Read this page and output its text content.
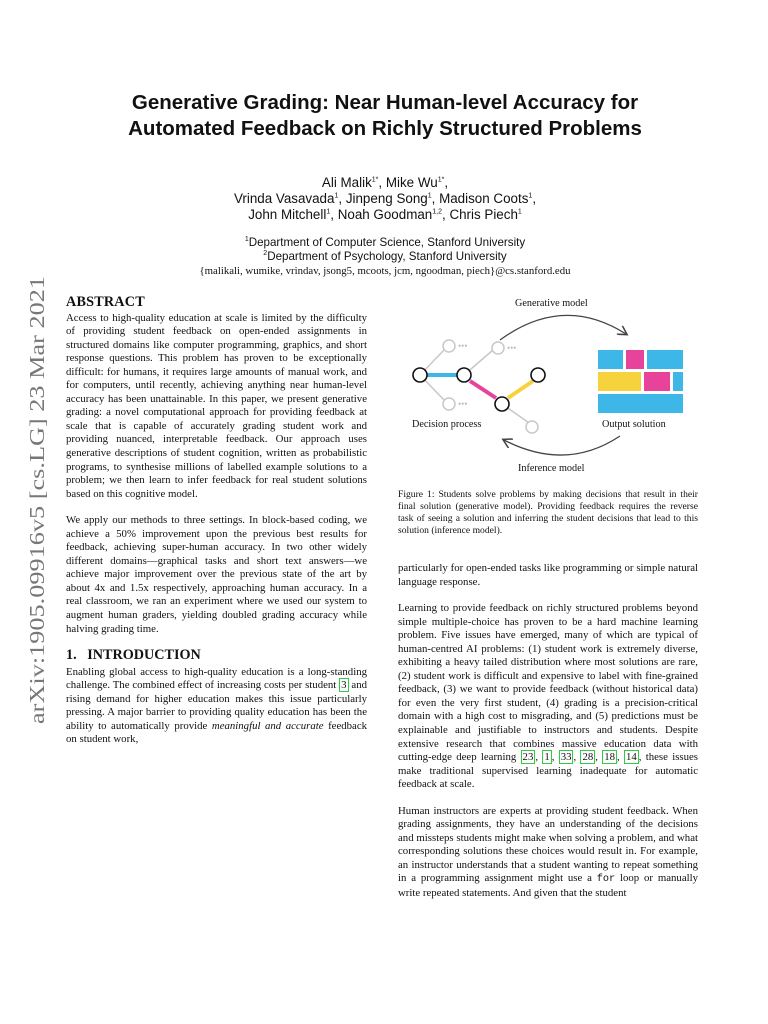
arXiv:1905.09916v5 [cs.LG] 23 Mar 2021
Generative Grading: Near Human-level Accuracy for
Automated Feedback on Richly Structured Problems
Ali Malik$^{1*}$, Mike $Wu^{1*}$,
Vrinda Vasavada$^1$, Jinpeng Song$^1$, Madison Coots$^1$,
John Mitchell$^1$, Noah Goodman$^{1,2}$, Chris Piech$^1$
$^1$Department of Computer Science, Stanford University
$^2$Department of Psychology, Stanford University
{malikali, wumike, vrindav, jsong5, mcoots, jcm, ngoodman, piech}@cs.stanford.edu
ABSTRACT

Access to high-quality education at scale is limited by the difficulty of providing student feedback on open-ended assignments in structured domains like computer programming, graphics, and short response questions. This problem has proven to be exceptionally difficult: for humans, it requires large amounts of manual work, and for computers, until recently, achieving anything near human-level accuracy has been unattainable. In this paper, we present generative grading: a novel computational approach for providing feedback at scale that is capable of accurately grading student work and providing nuanced, interpretable feedback. Our approach uses generative descriptions of student cognition, written as probabilistic programs, to synthesise millions of labelled example solutions to a problem; we then learn to infer feedback for real student solutions based on this cognitive model.

We apply our methods to three settings. In block-based coding, we achieve a 50% improvement upon the previous best results for feedback, achieving super-human accuracy. In two other widely different domains—graphical tasks and short text answers—we achieve major improvement over the previous state of the art by about 4x and 1.5x respectively, approaching human accuracy. In a real classroom, we ran an experiment where we used our system to augment human graders, yielding doubled grading accuracy while halving grading time.

1.   INTRODUCTION

Enabling global access to high-quality education is a long-standing challenge. The combined effect of increasing costs per student 3 and rising demand for higher education makes this issue particularly pressing. A major barrier to providing quality education has been the ability to automatically provide meaningful and accurate feedback on student work,

Generative model
•••
•••
•••
Decision process	Output solution
Inference model
Figure 1: Students solve problems by making decisions that result in their final solution (generative model). Providing feedback requires the reverse task of seeing a solution and inferring the student decisions that lead to this solution (inference model).

particularly for open-ended tasks like programming or simple natural language response.

Learning to provide feedback on richly structured problems beyond simple multiple-choice has proven to be a hard machine learning problem. Five issues have emerged, many of which are typical of human-centred AI problems: (1) student work is extremely diverse, exhibiting a heavy tailed distribution where most solutions are rare, (2) student work is difficult and expensive to label with fine-grained feedback, (3) we want to provide feedback (without historical data) for even the very first student, (4) grading is a precision-critical domain with a high cost to misgrading, and (5) predictions must be explainable and justifiable to instructors and students. Despite extensive research that combines massive education data with cutting-edge deep learning 23 , 1 , 33 , 28 , 18 , 14 , these issues make traditional supervised learning inadequate for automatic feedback at scale.

Human instructors are experts at providing student feedback. When grading assignments, they have an understanding of the decisions and missteps students might make when solving a problem, and what corresponding solutions these choices would result in. For example, an instructor understands that a student wanting to repeat something in a programming assignment might use a for loop or manually write repeated statements. And given that the student
